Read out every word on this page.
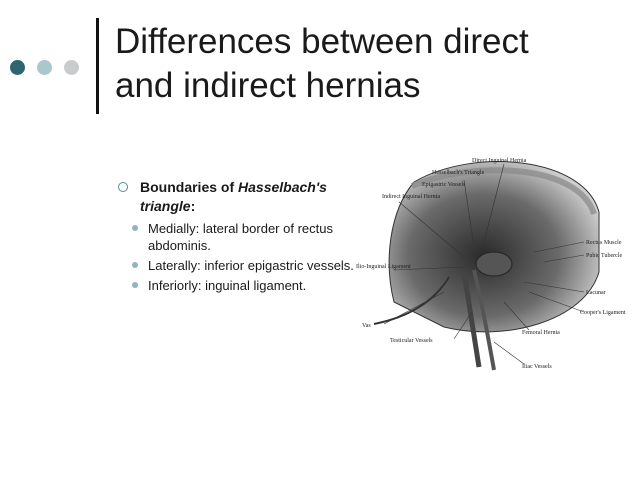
Differences between direct
and indirect hernias
Boundaries of Hasselbach's triangle:
Medially: lateral border of rectus abdominis.
Laterally: inferior epigastric vessels.
Inferiorly: inguinal ligament.
Direct Inguinal Hernia
Hesselbach's Triangle
Epigastric Vessels
Indirect Inguinal Hernia
Rectus Muscle
Pubic Tubercle
Ilio-Inguinal Ligament
Lacunar
Cooper's Ligament
Vas
Femoral Hernia
Testicular Vessels
Iliac Vessels
